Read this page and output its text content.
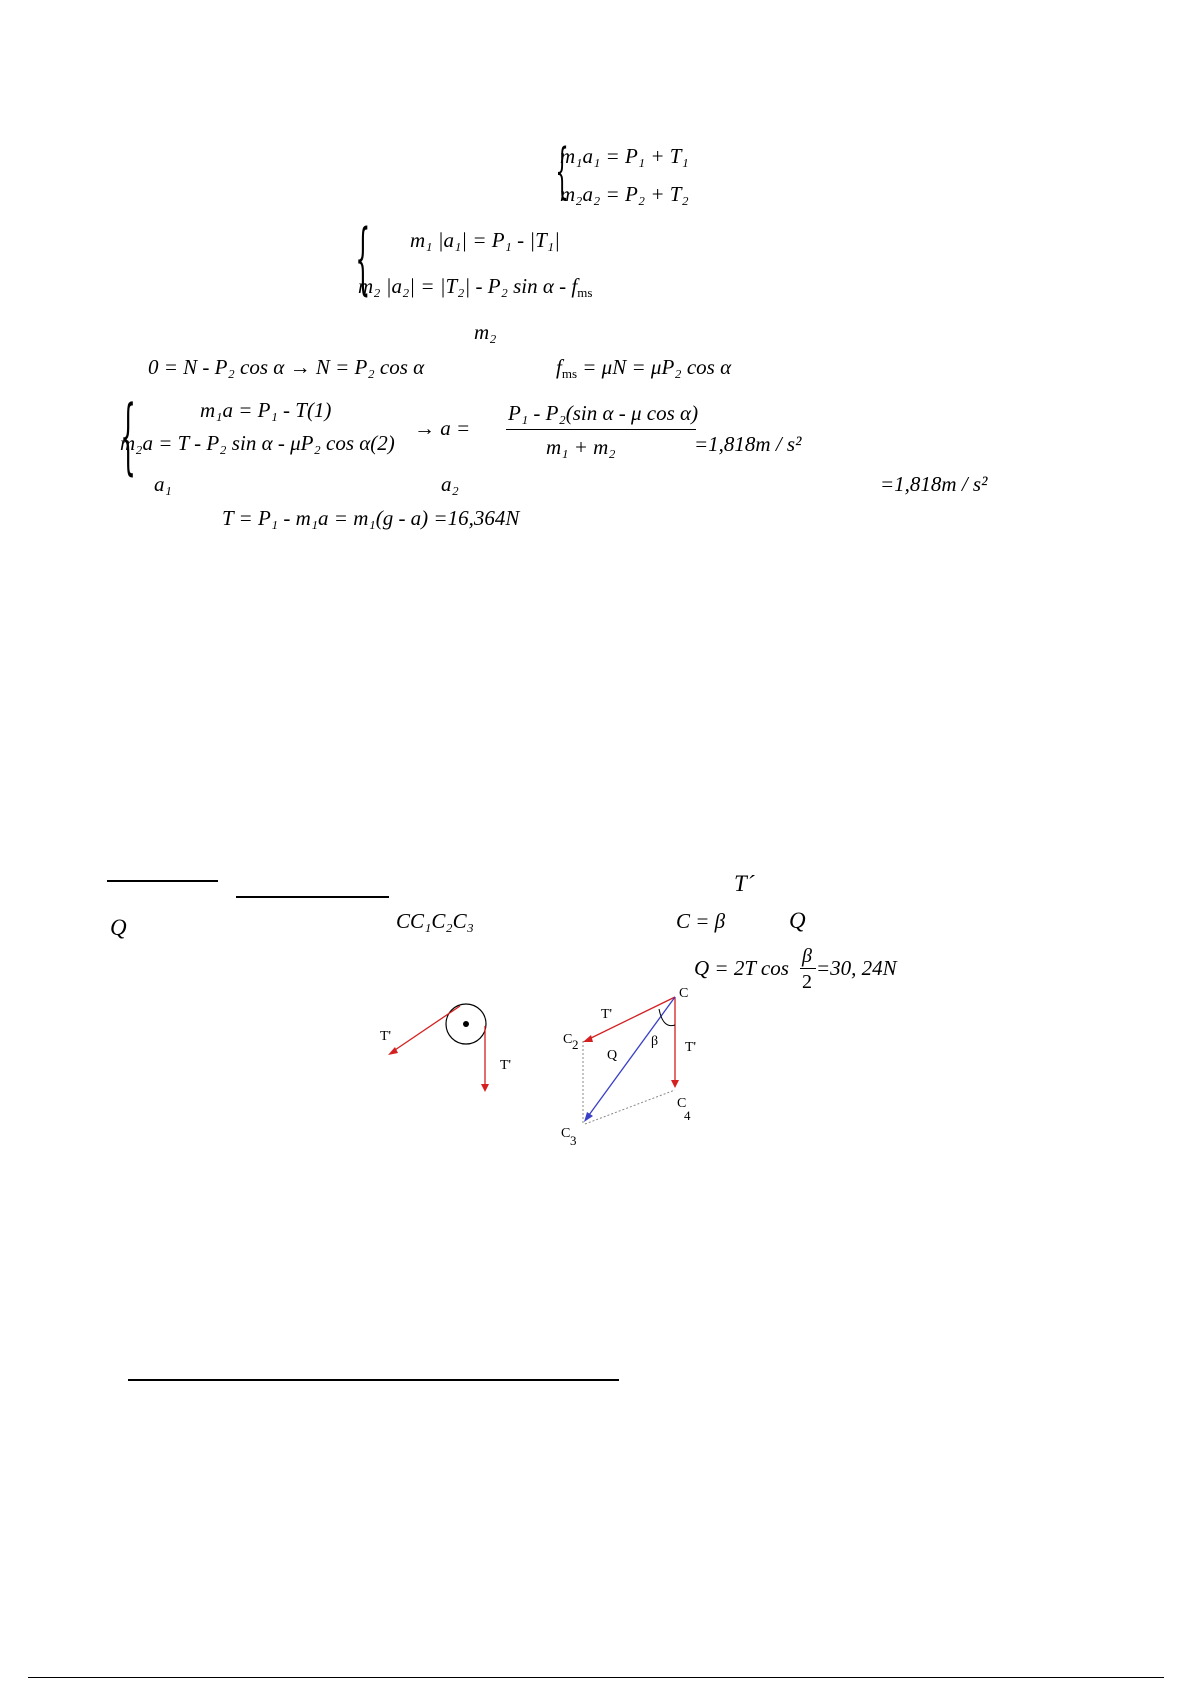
{
m₁a₁ = P₁ + T₁
m₂a₂ = P₂ + T₂
{ m₁ |a₁| = P₁ - |T₁|
m₂ |a₂| = |T₂| - P₂ sin α - $f_{ms}$
m₂
0 = N - P₂ cos α → N = P₂ cos α	$f_{ms} = \mu N = \mu P_2$ cos α
{	m₁a = P₁ - T(1)
m₂a = T - P₂ sin α - μP₂ cos α(2)
→ a =
P₁ - P₂(sin α - μ cos α)
m₁ + m₂	=1,818m / s²
a₁	a₂	=1,818m / s²
T = P₁ - m₁a = m₁(g - a) =16,364N
T´
Q	CC₁C₂C₃	C = β	Q
Q = 2T cos β
2
=30, 24N
T'
T'
C
T'
C 2
Q
β T'
C
4
C 3
